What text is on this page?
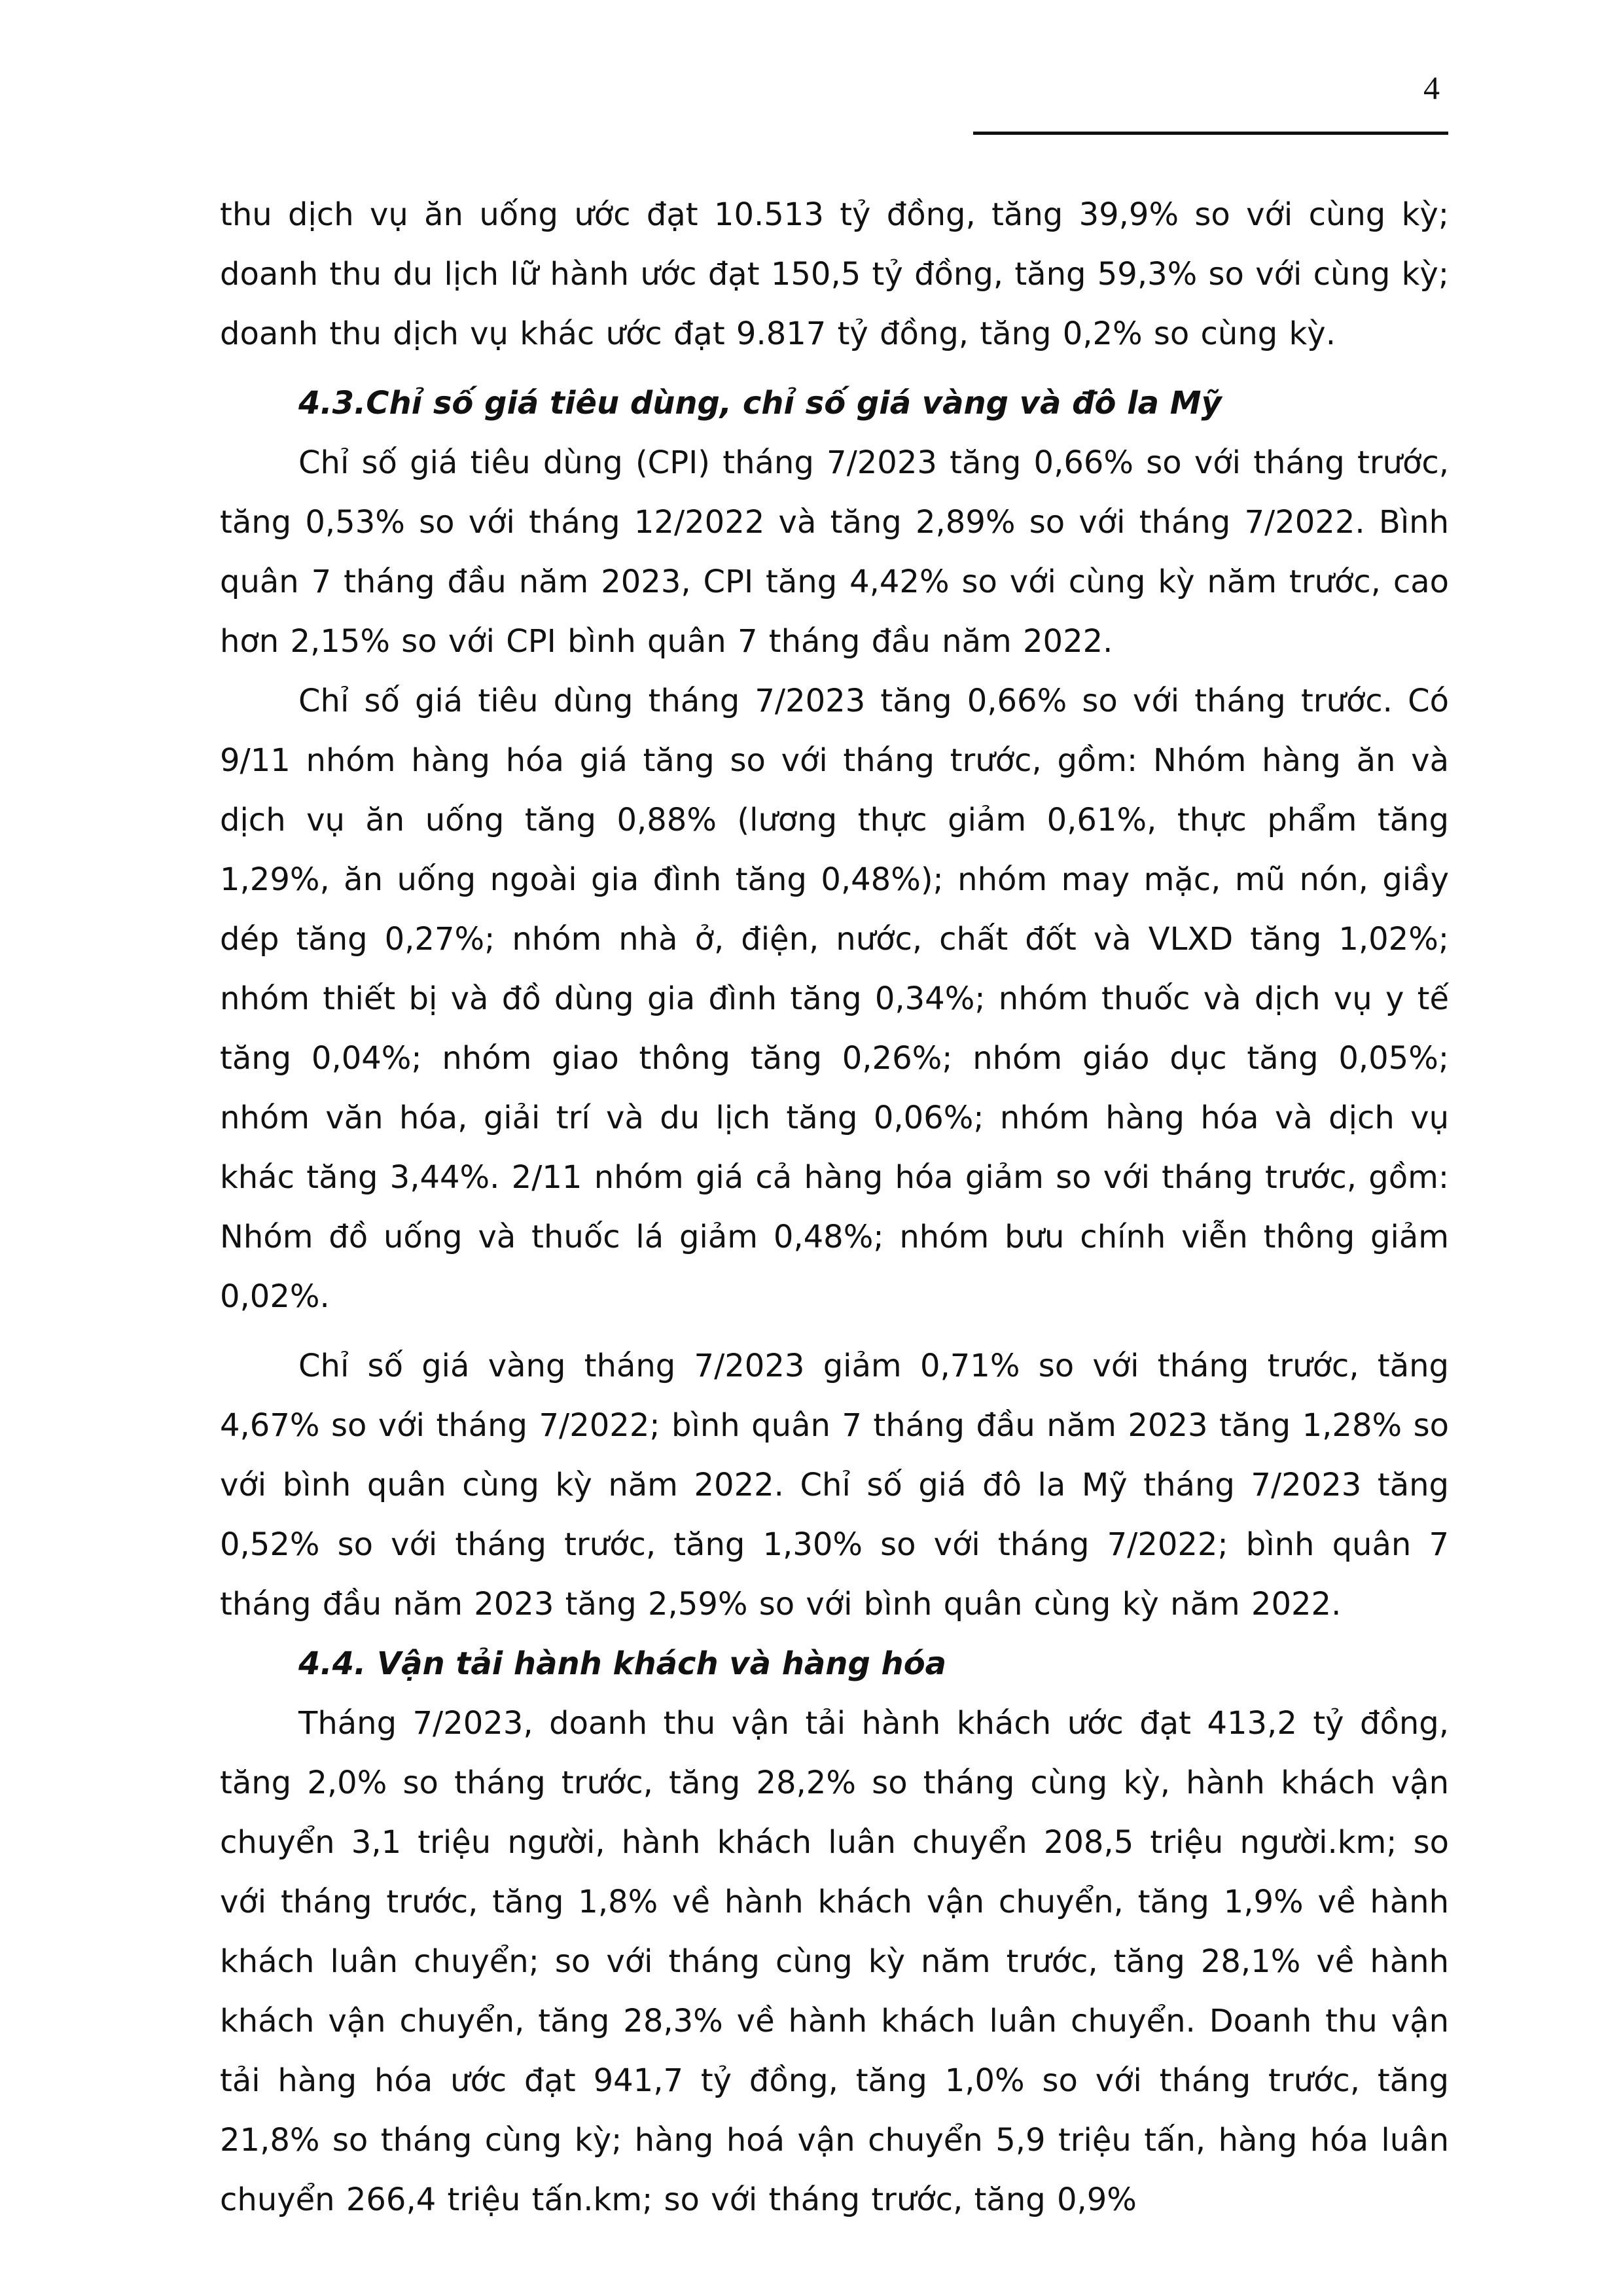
4

thu dịch vụ ăn uống ước đạt 10.513 tỷ đồng, tăng 39,9% so với cùng kỳ; doanh thu du lịch lữ hành ước đạt 150,5 tỷ đồng, tăng 59,3% so với cùng kỳ; doanh thu dịch vụ khác ước đạt 9.817 tỷ đồng, tăng 0,2% so cùng kỳ.

4.3.Chỉ số giá tiêu dùng, chỉ số giá vàng và đô la Mỹ

Chỉ số giá tiêu dùng (CPI) tháng 7/2023 tăng 0,66% so với tháng trước, tăng 0,53% so với tháng 12/2022 và tăng 2,89% so với tháng 7/2022. Bình quân 7 tháng đầu năm 2023, CPI tăng 4,42% so với cùng kỳ năm trước, cao hơn 2,15% so với CPI bình quân 7 tháng đầu năm 2022.

Chỉ số giá tiêu dùng tháng 7/2023 tăng 0,66% so với tháng trước. Có 9/11 nhóm hàng hóa giá tăng so với tháng trước, gồm: Nhóm hàng ăn và dịch vụ ăn uống tăng 0,88% (lương thực giảm 0,61%, thực phẩm tăng 1,29%, ăn uống ngoài gia đình tăng 0,48%); nhóm may mặc, mũ nón, giầy dép tăng 0,27%; nhóm nhà ở, điện, nước, chất đốt và VLXD tăng 1,02%; nhóm thiết bị và đồ dùng gia đình tăng 0,34%; nhóm thuốc và dịch vụ y tế tăng 0,04%; nhóm giao thông tăng 0,26%; nhóm giáo dục tăng 0,05%; nhóm văn hóa, giải trí và du lịch tăng 0,06%; nhóm hàng hóa và dịch vụ khác tăng 3,44%. 2/11 nhóm giá cả hàng hóa giảm so với tháng trước, gồm: Nhóm đồ uống và thuốc lá giảm 0,48%; nhóm bưu chính viễn thông giảm 0,02%.

Chỉ số giá vàng tháng 7/2023 giảm 0,71% so với tháng trước, tăng 4,67% so với tháng 7/2022; bình quân 7 tháng đầu năm 2023 tăng 1,28% so với bình quân cùng kỳ năm 2022. Chỉ số giá đô la Mỹ tháng 7/2023 tăng 0,52% so với tháng trước, tăng 1,30% so với tháng 7/2022; bình quân 7 tháng đầu năm 2023 tăng 2,59% so với bình quân cùng kỳ năm 2022.

4.4. Vận tải hành khách và hàng hóa

Tháng 7/2023, doanh thu vận tải hành khách ước đạt 413,2 tỷ đồng, tăng 2,0% so tháng trước, tăng 28,2% so tháng cùng kỳ, hành khách vận chuyển 3,1 triệu người, hành khách luân chuyển 208,5 triệu người.km; so với tháng trước, tăng 1,8% về hành khách vận chuyển, tăng 1,9% về hành khách luân chuyển; so với tháng cùng kỳ năm trước, tăng 28,1% về hành khách vận chuyển, tăng 28,3% về hành khách luân chuyển. Doanh thu vận tải hàng hóa ước đạt 941,7 tỷ đồng, tăng 1,0% so với tháng trước, tăng 21,8% so tháng cùng kỳ; hàng hoá vận chuyển 5,9 triệu tấn, hàng hóa luân chuyển 266,4 triệu tấn.km; so với tháng trước, tăng 0,9%
